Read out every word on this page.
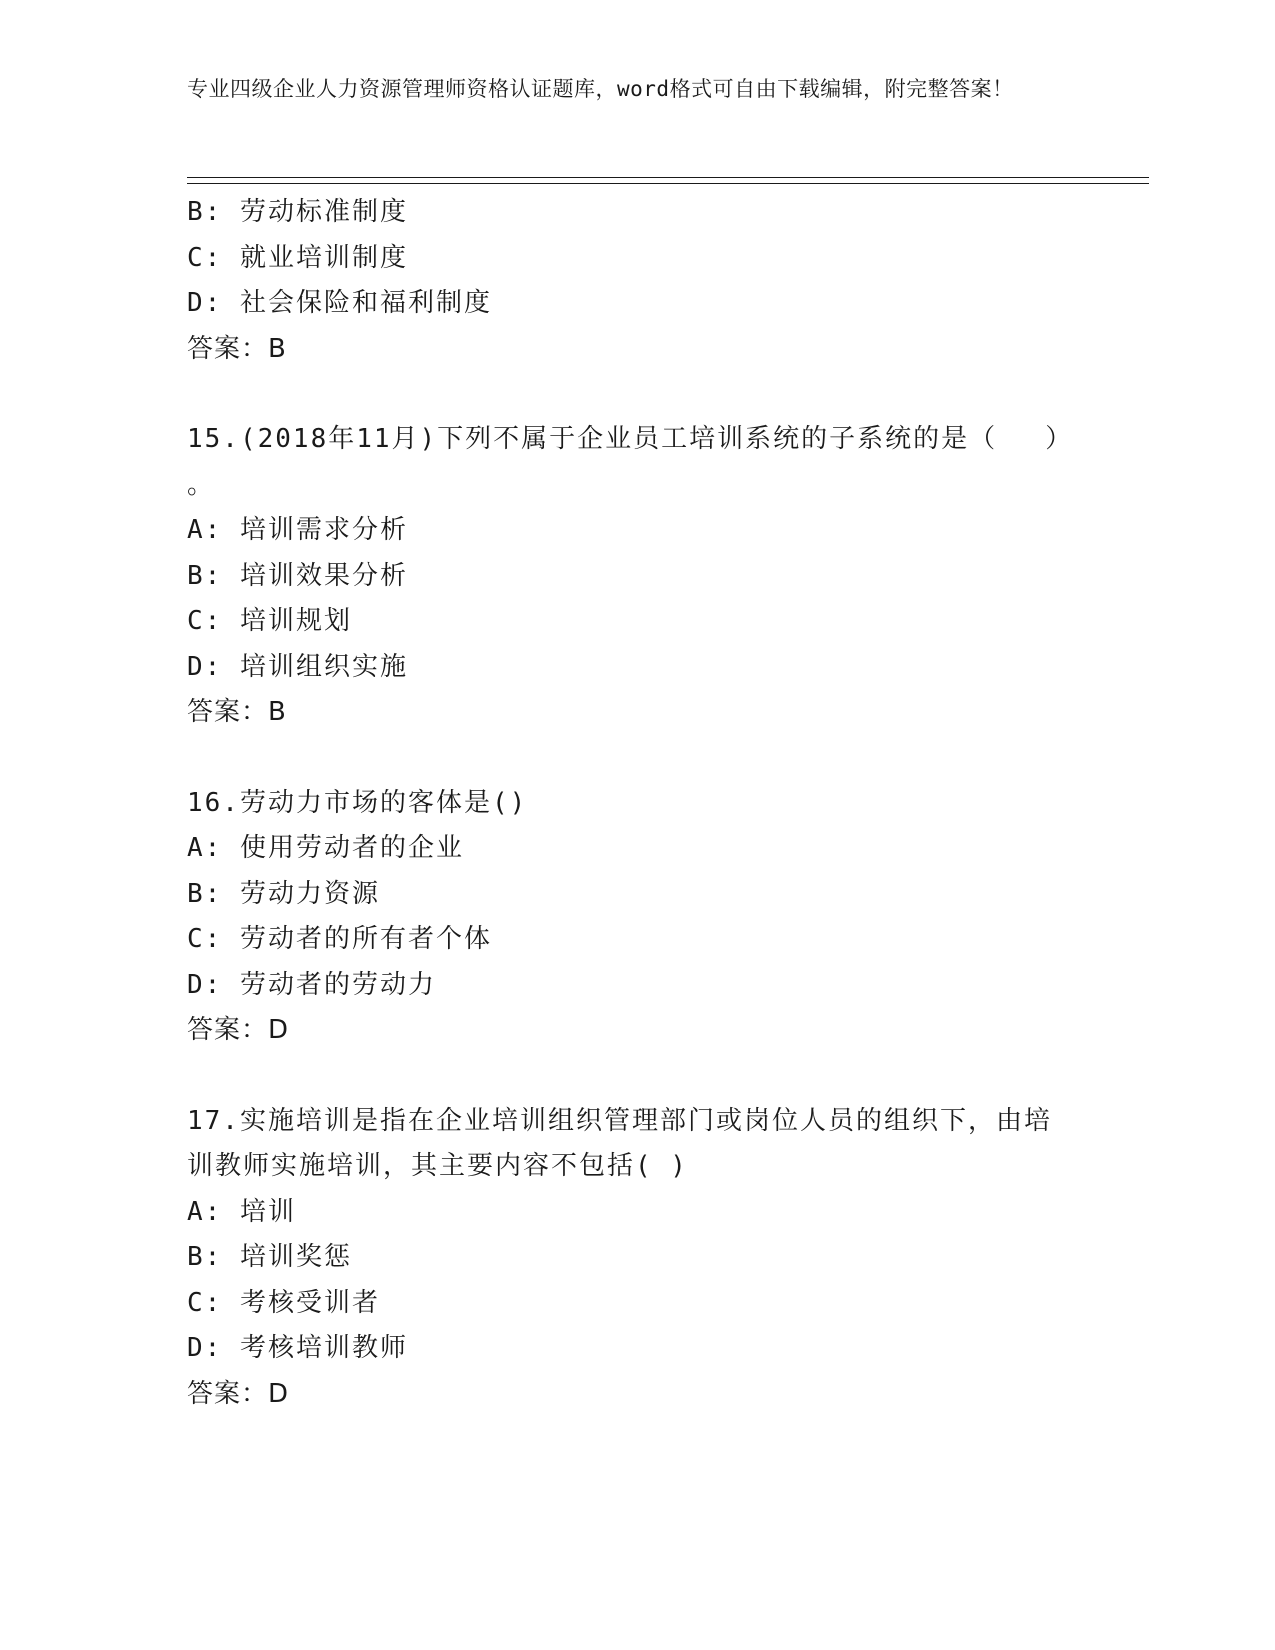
专业四级企业人力资源管理师资格认证题库，word格式可自由下载编辑，附完整答案！
B: 劳动标准制度
C: 就业培训制度
D: 社会保险和福利制度
答案：B
15.(2018年11月)下列不属于企业员工培训系统的子系统的是（ ）
。
A: 培训需求分析
B: 培训效果分析
C: 培训规划
D: 培训组织实施
答案：B
16.劳动力市场的客体是()
A: 使用劳动者的企业
B: 劳动力资源
C: 劳动者的所有者个体
D: 劳动者的劳动力
答案：D
17.实施培训是指在企业培训组织管理部门或岗位人员的组织下，由培
训教师实施培训，其主要内容不包括( )
A: 培训
B: 培训奖惩
C: 考核受训者
D: 考核培训教师
答案：D
